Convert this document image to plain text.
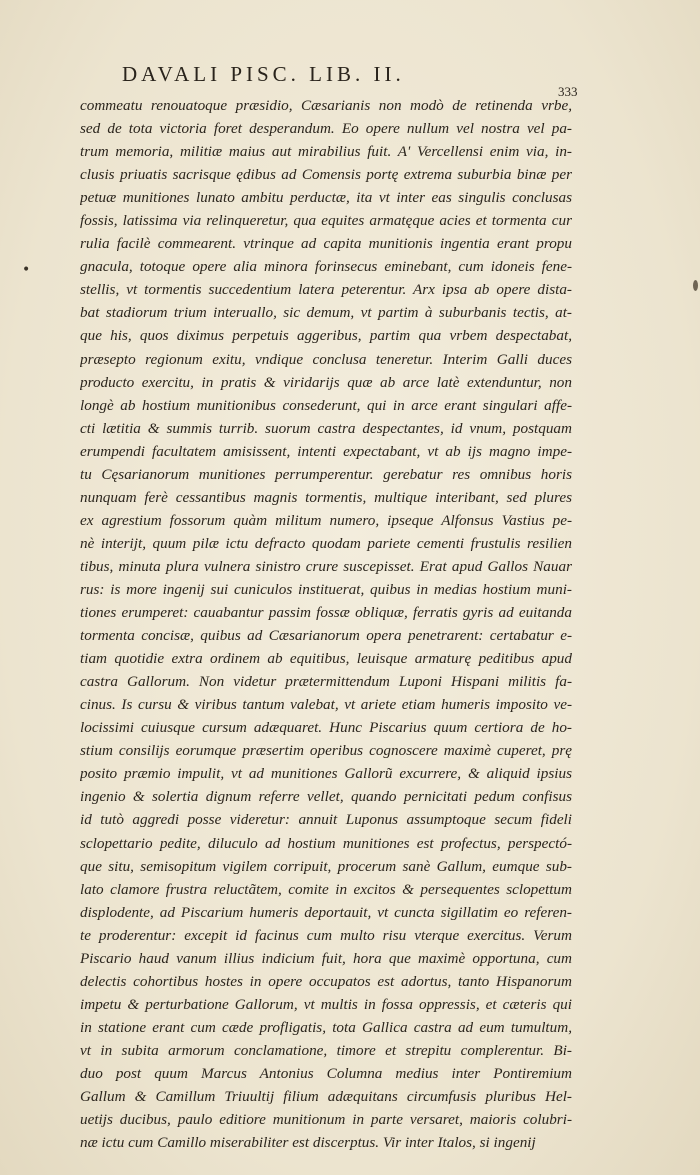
DAVALI PISC. LIB. II.
333
•
commeatu renouatoque præsidio, Cæsarianis non modò de retinenda vrbe,
sed de tota victoria foret desperandum. Eo opere nullum vel nostra vel pa-
trum memoria, militiæ maius aut mirabilius fuit. A' Vercellensi enim via, in-
clusis priuatis sacrisque ędibus ad Comensis portę extrema suburbia binæ per
petuæ munitiones lunato ambitu perductæ, ita vt inter eas singulis conclusas
fossis, latissima via relinqueretur, qua equites armatęque acies et tormenta cur
rulia facilè commearent. vtrinque ad capita munitionis ingentia erant propu
gnacula, totoque opere alia minora forinsecus eminebant, cum idoneis fene-
stellis, vt tormentis succedentium latera peterentur. Arx ipsa ab opere dista-
bat stadiorum trium interuallo, sic demum, vt partim à suburbanis tectis, at-
que his, quos diximus perpetuis aggeribus, partim qua vrbem despectabat,
præsepto regionum exitu, vndique conclusa teneretur. Interim Galli duces
producto exercitu, in pratis & viridarijs quæ ab arce latè extenduntur, non
longè ab hostium munitionibus consederunt, qui in arce erant singulari affe-
cti lætitia & summis turrib. suorum castra despectantes, id vnum, postquam
erumpendi facultatem amisissent, intenti expectabant, vt ab ijs magno impe-
tu Cęsarianorum munitiones perrumperentur. gerebatur res omnibus horis
nunquam ferè cessantibus magnis tormentis, multique interibant, sed plures
ex agrestium fossorum quàm militum numero, ipseque Alfonsus Vastius pe-
nè interijt, quum pilæ ictu defracto quodam pariete cementi frustulis resilien
tibus, minuta plura vulnera sinistro crure suscepisset. Erat apud Gallos Nauar
rus: is more ingenij sui cuniculos instituerat, quibus in medias hostium muni-
tiones erumperet: cauabantur passim fossæ obliquæ, ferratis gyris ad euitanda
tormenta concisæ, quibus ad Cæsarianorum opera penetrarent: certabatur e-
tiam quotidie extra ordinem ab equitibus, leuisque armaturę peditibus apud
castra Gallorum. Non videtur prætermittendum Luponi Hispani militis fa-
cinus. Is cursu & viribus tantum valebat, vt ariete etiam humeris imposito ve-
locissimi cuiusque cursum adæquaret. Hunc Piscarius quum certiora de ho-
stium consilijs eorumque præsertim operibus cognoscere maximè cuperet, prę
posito præmio impulit, vt ad munitiones Gallorũ excurrere, & aliquid ipsius
ingenio & solertia dignum referre vellet, quando pernicitati pedum confisus
id tutò aggredi posse videretur: annuit Luponus assumptoque secum fideli
sclopettario pedite, diluculo ad hostium munitiones est profectus, perspectó-
que situ, semisopitum vigilem corripuit, procerum sanè Gallum, eumque sub-
lato clamore frustra reluctãtem, comite in excitos & persequentes sclopettum
displodente, ad Piscarium humeris deportauit, vt cuncta sigillatim eo referen-
te proderentur: excepit id facinus cum multo risu vterque exercitus. Verum
Piscario haud vanum illius indicium fuit, hora que maximè opportuna, cum
delectis cohortibus hostes in opere occupatos est adortus, tanto Hispanorum
impetu & perturbatione Gallorum, vt multis in fossa oppressis, et cæteris qui
in statione erant cum cæde profligatis, tota Gallica castra ad eum tumultum,
vt in subita armorum conclamatione, timore et strepitu complerentur. Bi-
duo post quum Marcus Antonius Columna medius inter Pontiremium
Gallum & Camillum Triuultij filium adæquitans circumfusis pluribus Hel-
uetijs ducibus, paulo editiore munitionum in parte versaret, maioris colubri-
næ ictu cum Camillo miserabiliter est discerptus. Vir inter Italos, si ingenij
